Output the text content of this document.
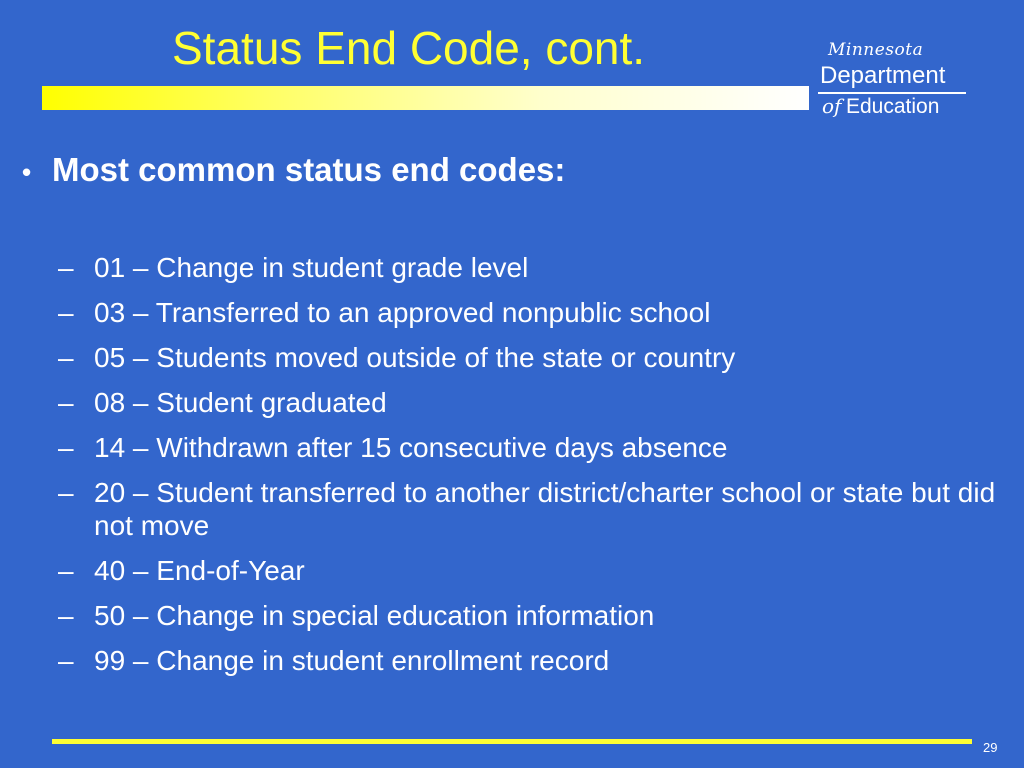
Status End Code, cont.	Minnesota
Department
of Education
• Most common status end codes:
– 01 – Change in student grade level
– 03 – Transferred to an approved nonpublic school
– 05 – Students moved outside of the state or country
– 08 – Student graduated
– 14 – Withdrawn after 15 consecutive days absence
– 20 – Student transferred to another district/charter school or state but did not move
– 40 – End-of-Year
– 50 – Change in special education information
– 99 – Change in student enrollment record
29
